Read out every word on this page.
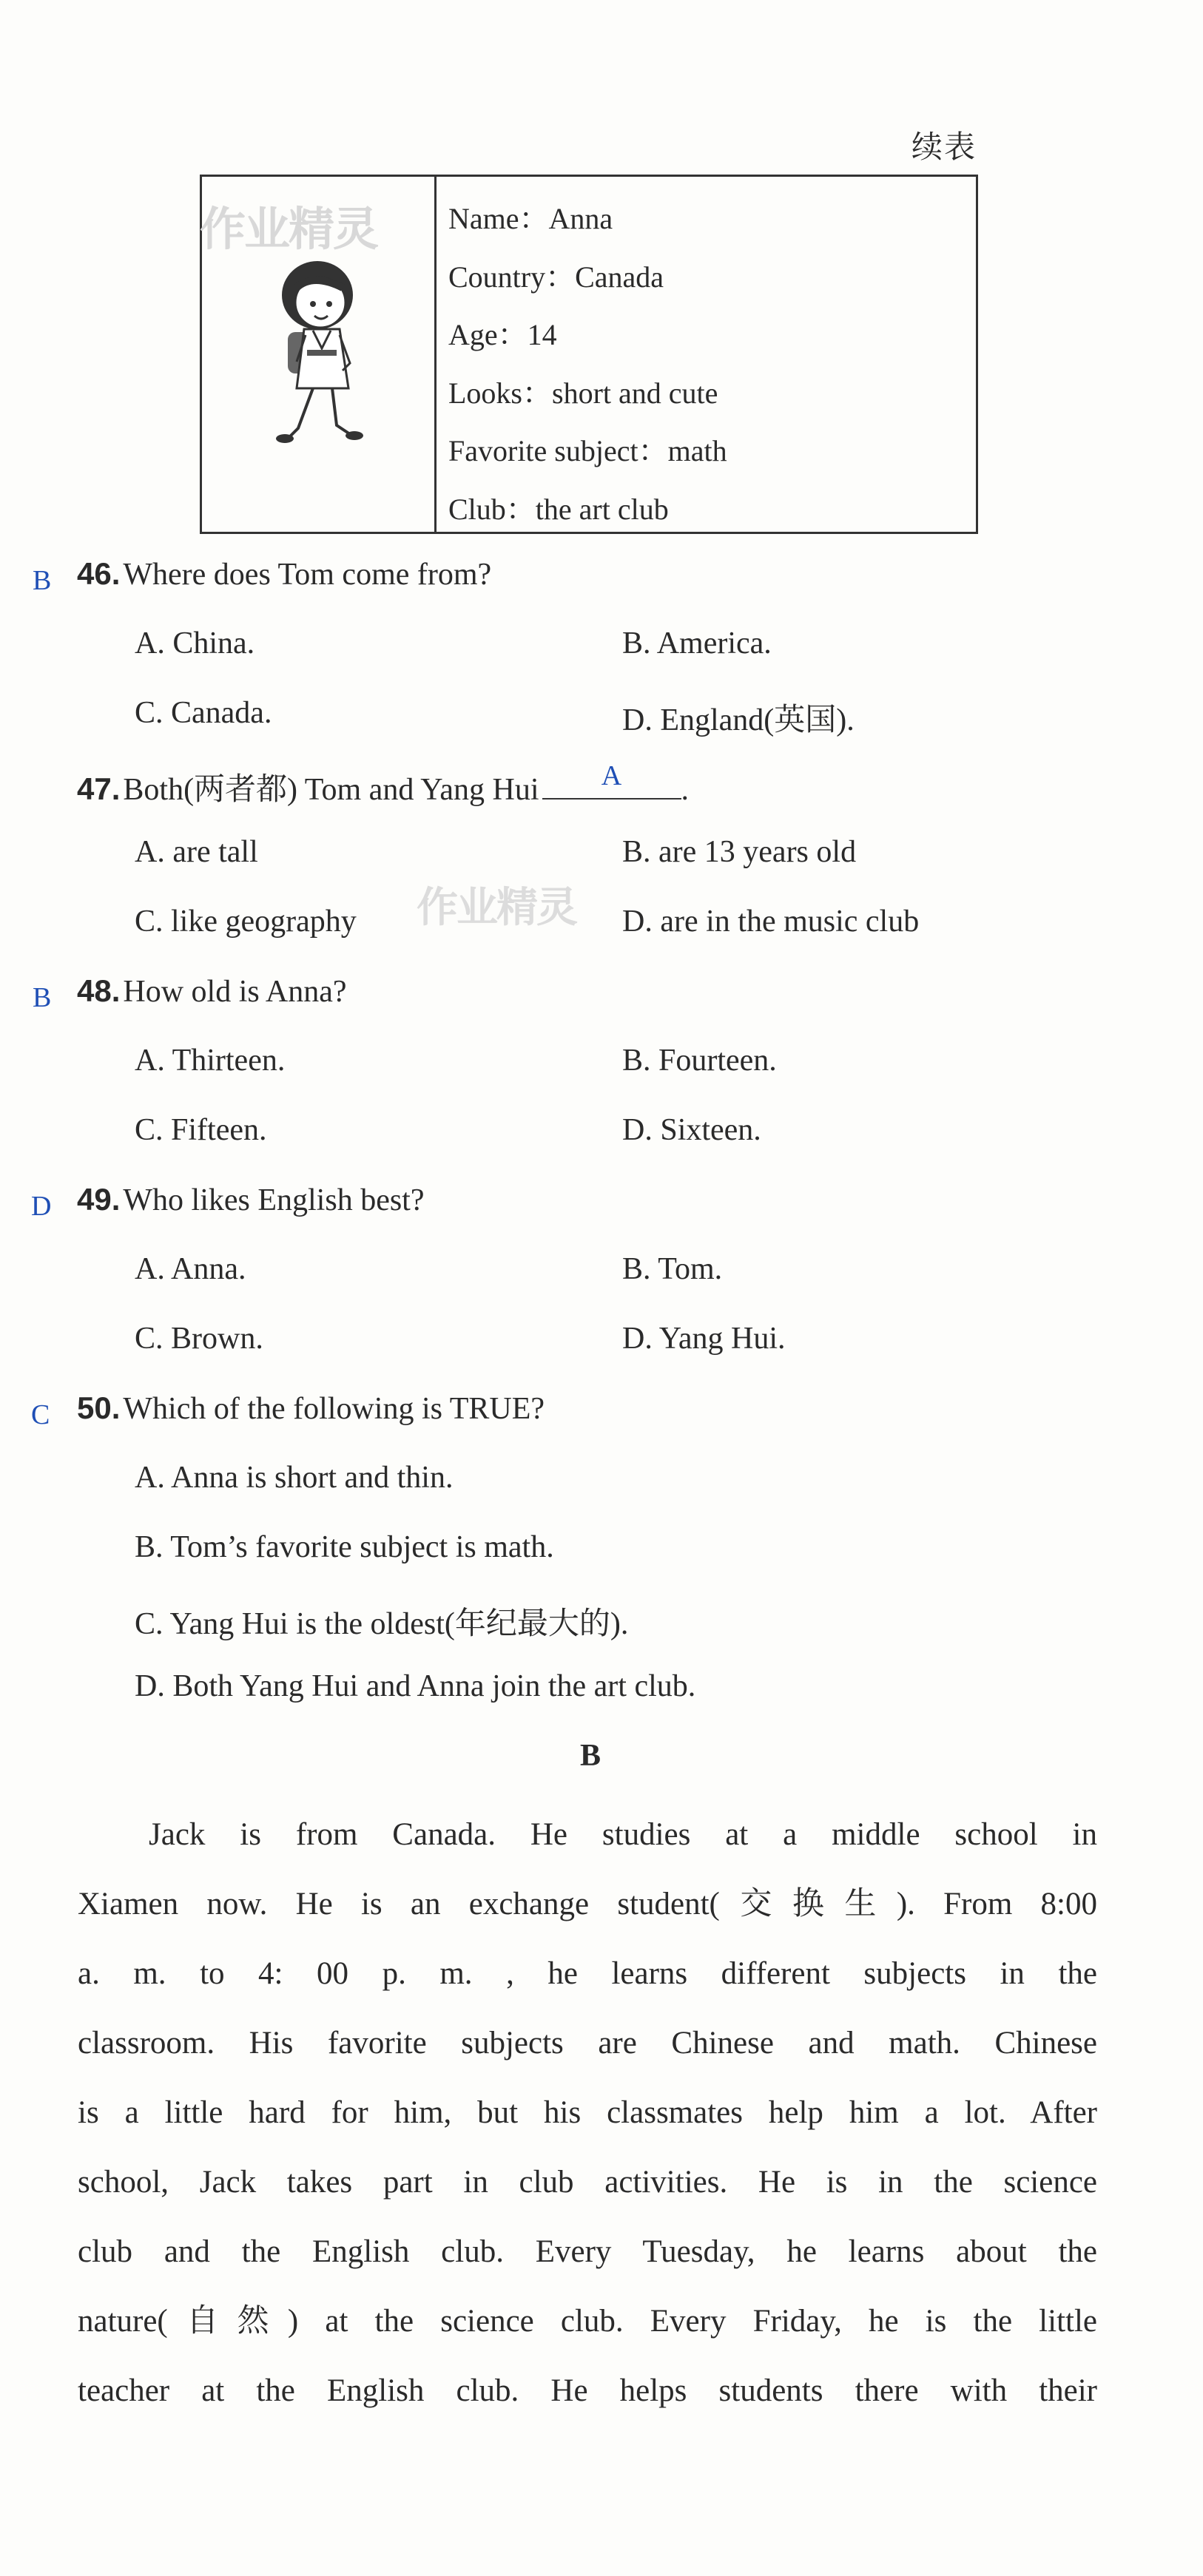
续表
Name：Anna
Country：Canada
Age：14
Looks：short and cute
Favorite subject：math
Club：the art club
作业精灵
B 46. Where does Tom come from?
A. China.	B. America.
C. Canada.	D. England(英国).
47. Both(两者都) Tom and Yang Hui	A	.
A. are tall	B. are 13 years old
C. like geography	D. are in the music club
作业精灵
B 48. How old is Anna?
A. Thirteen.	B. Fourteen.
C. Fifteen.	D. Sixteen.
D 49. Who likes English best?
A. Anna.	B. Tom.
C. Brown.	D. Yang Hui.
C 50. Which of the following is TRUE?
A. Anna is short and thin.
B. Tom’s favorite subject is math.
C. Yang Hui is the oldest(年纪最大的).
D. Both Yang Hui and Anna join the art club.
B
Jack is from Canada. He studies at a middle school in
Xiamen now. He is an exchange student(交换生). From 8:00
a. m. to 4: 00 p. m. , he learns different subjects in the
classroom. His favorite subjects are Chinese and math. Chinese
is a little hard for him, but his classmates help him a lot. After
school, Jack takes part in club activities. He is in the science
club and the English club. Every Tuesday, he learns about the
nature(自然) at the science club. Every Friday, he is the little
teacher at the English club. He helps students there with their
